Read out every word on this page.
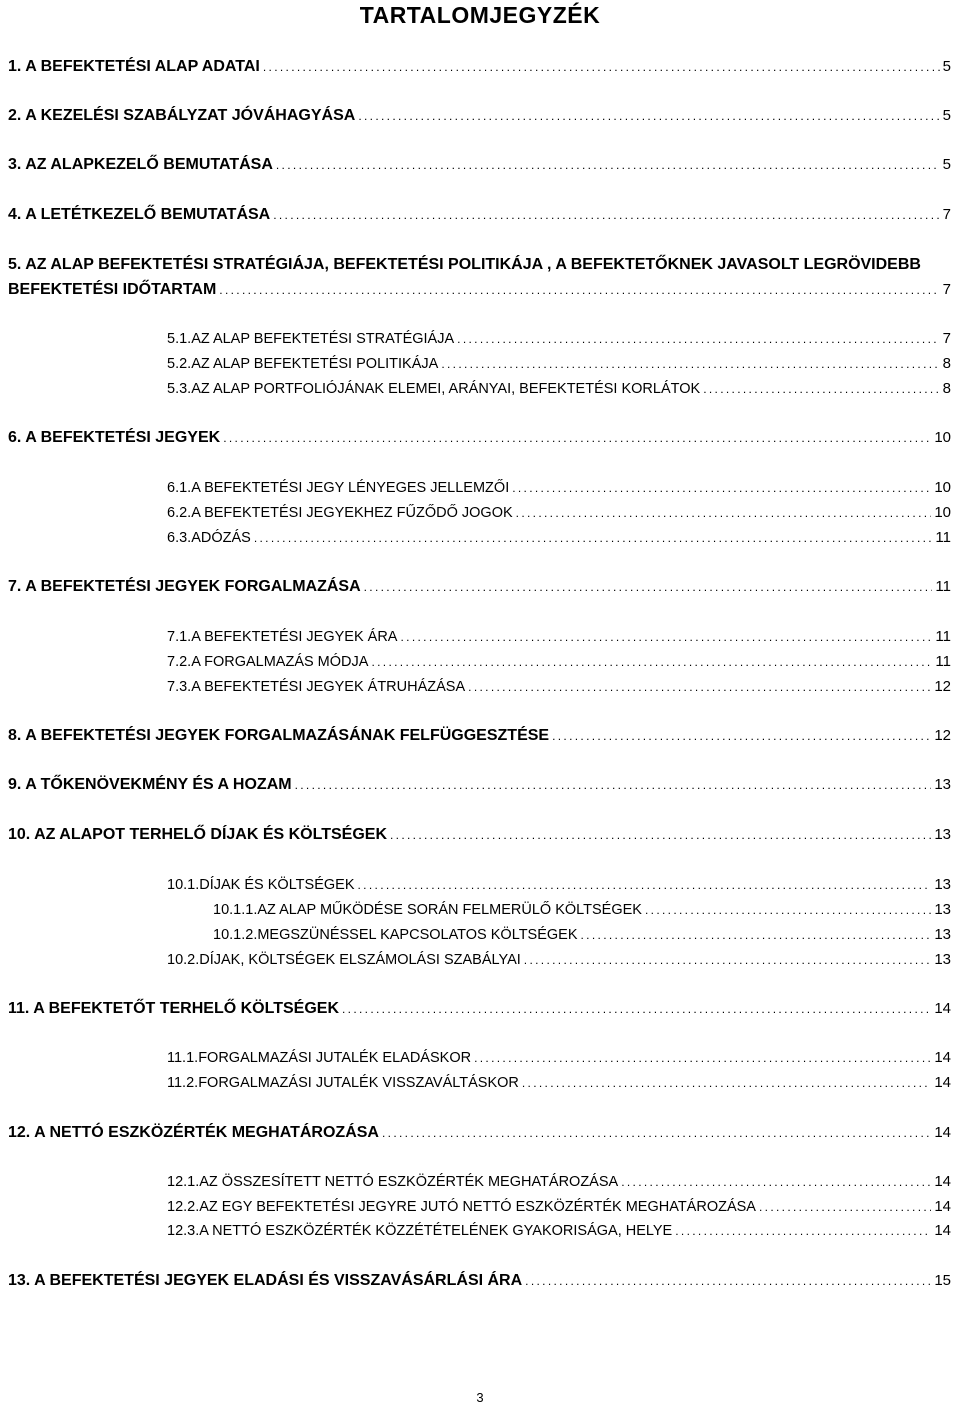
TARTALOMJEGYZÉK
1. A BEFEKTETÉSI ALAP ADATAI . . .	5
2. A KEZELÉSI SZABÁLYZAT JÓVÁHAGYÁSA . . .	5
3. AZ ALAPKEZELŐ BEMUTATÁSA . . .	5
4. A LETÉTKEZELŐ BEMUTATÁSA . . .	7
5. AZ ALAP BEFEKTETÉSI STRATÉGIÁJA, BEFEKTETÉSI POLITIKÁJA , A BEFEKTETŐKNEK JAVASOLT LEGRÖVIDEBB
BEFEKTETÉSI IDŐTARTAM . . .	7
5.1. AZ ALAP BEFEKTETÉSI STRATÉGIÁJA . . .	7
5.2. AZ ALAP BEFEKTETÉSI POLITIKÁJA . . .	8
5.3. AZ ALAP PORTFOLIÓJÁNAK ELEMEI, ARÁNYAI, BEFEKTETÉSI KORLÁTOK . . .	8
6. A BEFEKTETÉSI JEGYEK . . .	10
6.1. A BEFEKTETÉSI JEGY LÉNYEGES JELLEMZŐI . . .	10
6.2. A BEFEKTETÉSI JEGYEKHEZ FŰZŐDŐ JOGOK . . .	10
6.3. ADÓZÁS . . .	11
7. A BEFEKTETÉSI JEGYEK FORGALMAZÁSA . . .	11
7.1. A BEFEKTETÉSI JEGYEK ÁRA . . .	11
7.2. A FORGALMAZÁS MÓDJA . . .	11
7.3. A BEFEKTETÉSI JEGYEK ÁTRUHÁZÁSA . . .	12
8. A BEFEKTETÉSI JEGYEK FORGALMAZÁSÁNAK FELFÜGGESZTÉSE . . .	12
9. A TŐKENÖVEKMÉNY ÉS A HOZAM . . .	13
10. AZ ALAPOT TERHELŐ DÍJAK ÉS KÖLTSÉGEK . . .	13
10.1. DÍJAK ÉS KÖLTSÉGEK . . .	13
10.1.1. AZ ALAP MŰKÖDÉSE SORÁN FELMERÜLŐ KÖLTSÉGEK . . .	13
10.1.2. MEGSZÜNÉSSEL KAPCSOLATOS KÖLTSÉGEK . . .	13
10.2. DÍJAK, KÖLTSÉGEK ELSZÁMOLÁSI SZABÁLYAI . . .	13
11. A BEFEKTETŐT TERHELŐ KÖLTSÉGEK . . .	14
11.1. FORGALMAZÁSI JUTALÉK ELADÁSKOR . . .	14
11.2. FORGALMAZÁSI JUTALÉK VISSZAVÁLTÁSKOR . . .	14
12. A NETTÓ ESZKÖZÉRTÉK MEGHATÁROZÁSA . . .	14
12.1. AZ ÖSSZESÍTETT NETTÓ ESZKÖZÉRTÉK MEGHATÁROZÁSA . . .	14
12.2. AZ EGY BEFEKTETÉSI JEGYRE JUTÓ NETTÓ ESZKÖZÉRTÉK MEGHATÁROZÁSA . . .	14
12.3. A NETTÓ ESZKÖZÉRTÉK KÖZZÉTÉTELÉNEK GYAKORISÁGA, HELYE . . .	14
13. A BEFEKTETÉSI JEGYEK ELADÁSI ÉS VISSZAVÁSÁRLÁSI ÁRA . . .	15
3
